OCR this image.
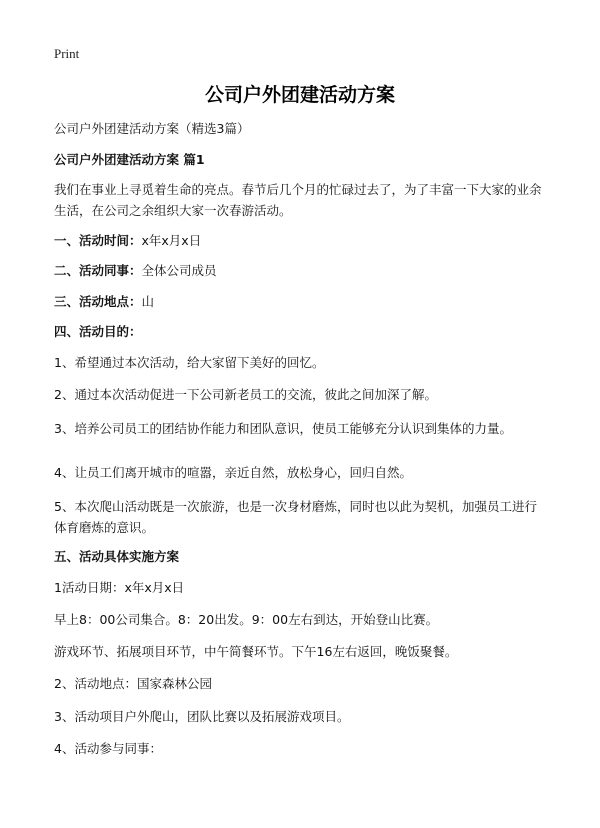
Print
公司户外团建活动方案
公司户外团建活动方案（精选3篇）
公司户外团建活动方案 篇1
我们在事业上寻觅着生命的亮点。春节后几个月的忙碌过去了，为了丰富一下大家的业余生活，在公司之余组织大家一次春游活动。
一、活动时间：x年x月x日
二、活动同事：全体公司成员
三、活动地点：山
四、活动目的：
1、希望通过本次活动，给大家留下美好的回忆。
2、通过本次活动促进一下公司新老员工的交流，彼此之间加深了解。
3、培养公司员工的团结协作能力和团队意识，使员工能够充分认识到集体的力量。
4、让员工们离开城市的喧嚣，亲近自然，放松身心，回归自然。
5、本次爬山活动既是一次旅游，也是一次身材磨炼，同时也以此为契机，加强员工进行体育磨炼的意识。
五、活动具体实施方案
1活动日期：x年x月x日
早上8：00公司集合。8：20出发。9：00左右到达，开始登山比赛。
游戏环节、拓展项目环节，中午简餐环节。下午16左右返回，晚饭聚餐。
2、活动地点：国家森林公园
3、活动项目户外爬山，团队比赛以及拓展游戏项目。
4、活动参与同事：
